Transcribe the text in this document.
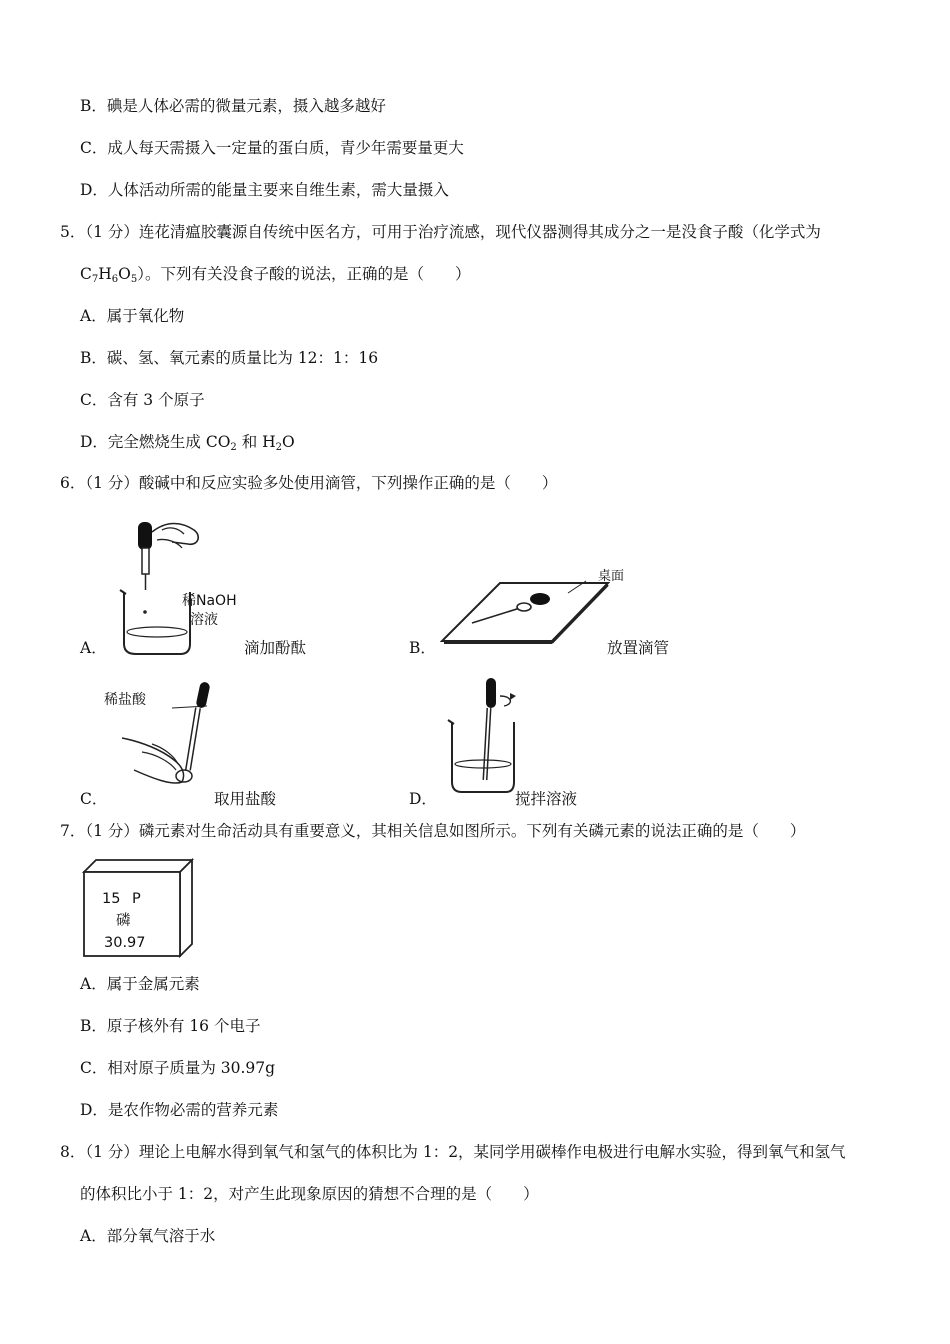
B．碘是人体必需的微量元素，摄入越多越好
C．成人每天需摄入一定量的蛋白质，青少年需要量更大
D．人体活动所需的能量主要来自维生素，需大量摄入
5．（1 分）连花清瘟胶囊源自传统中医名方，可用于治疗流感，现代仪器测得其成分之一是没食子酸（化学式为
$C_7H_6O_5$）。下列有关没食子酸的说法，正确的是（　　）
A．属于氧化物
B．碳、氢、氧元素的质量比为 12：1：16
C．含有 3 个原子
D．完全燃烧生成 $CO_2$ 和 $H_2O$
6．（1 分）酸碱中和反应实验多处使用滴管，下列操作正确的是（　　）
稀NaOH
溶液
A．	滴加酚酞
桌面
B．	放置滴管
稀盐酸
C．	取用盐酸	D．	搅拌溶液
7．（1 分）磷元素对生命活动具有重要意义，其相关信息如图所示。下列有关磷元素的说法正确的是（　　）
15 P
磷
30.97
A．属于金属元素
B．原子核外有 16 个电子
C．相对原子质量为 30.97g
D．是农作物必需的营养元素
8．（1 分）理论上电解水得到氧气和氢气的体积比为 1：2，某同学用碳棒作电极进行电解水实验，得到氧气和氢气
的体积比小于 1：2，对产生此现象原因的猜想不合理的是（　　）
A．部分氧气溶于水
